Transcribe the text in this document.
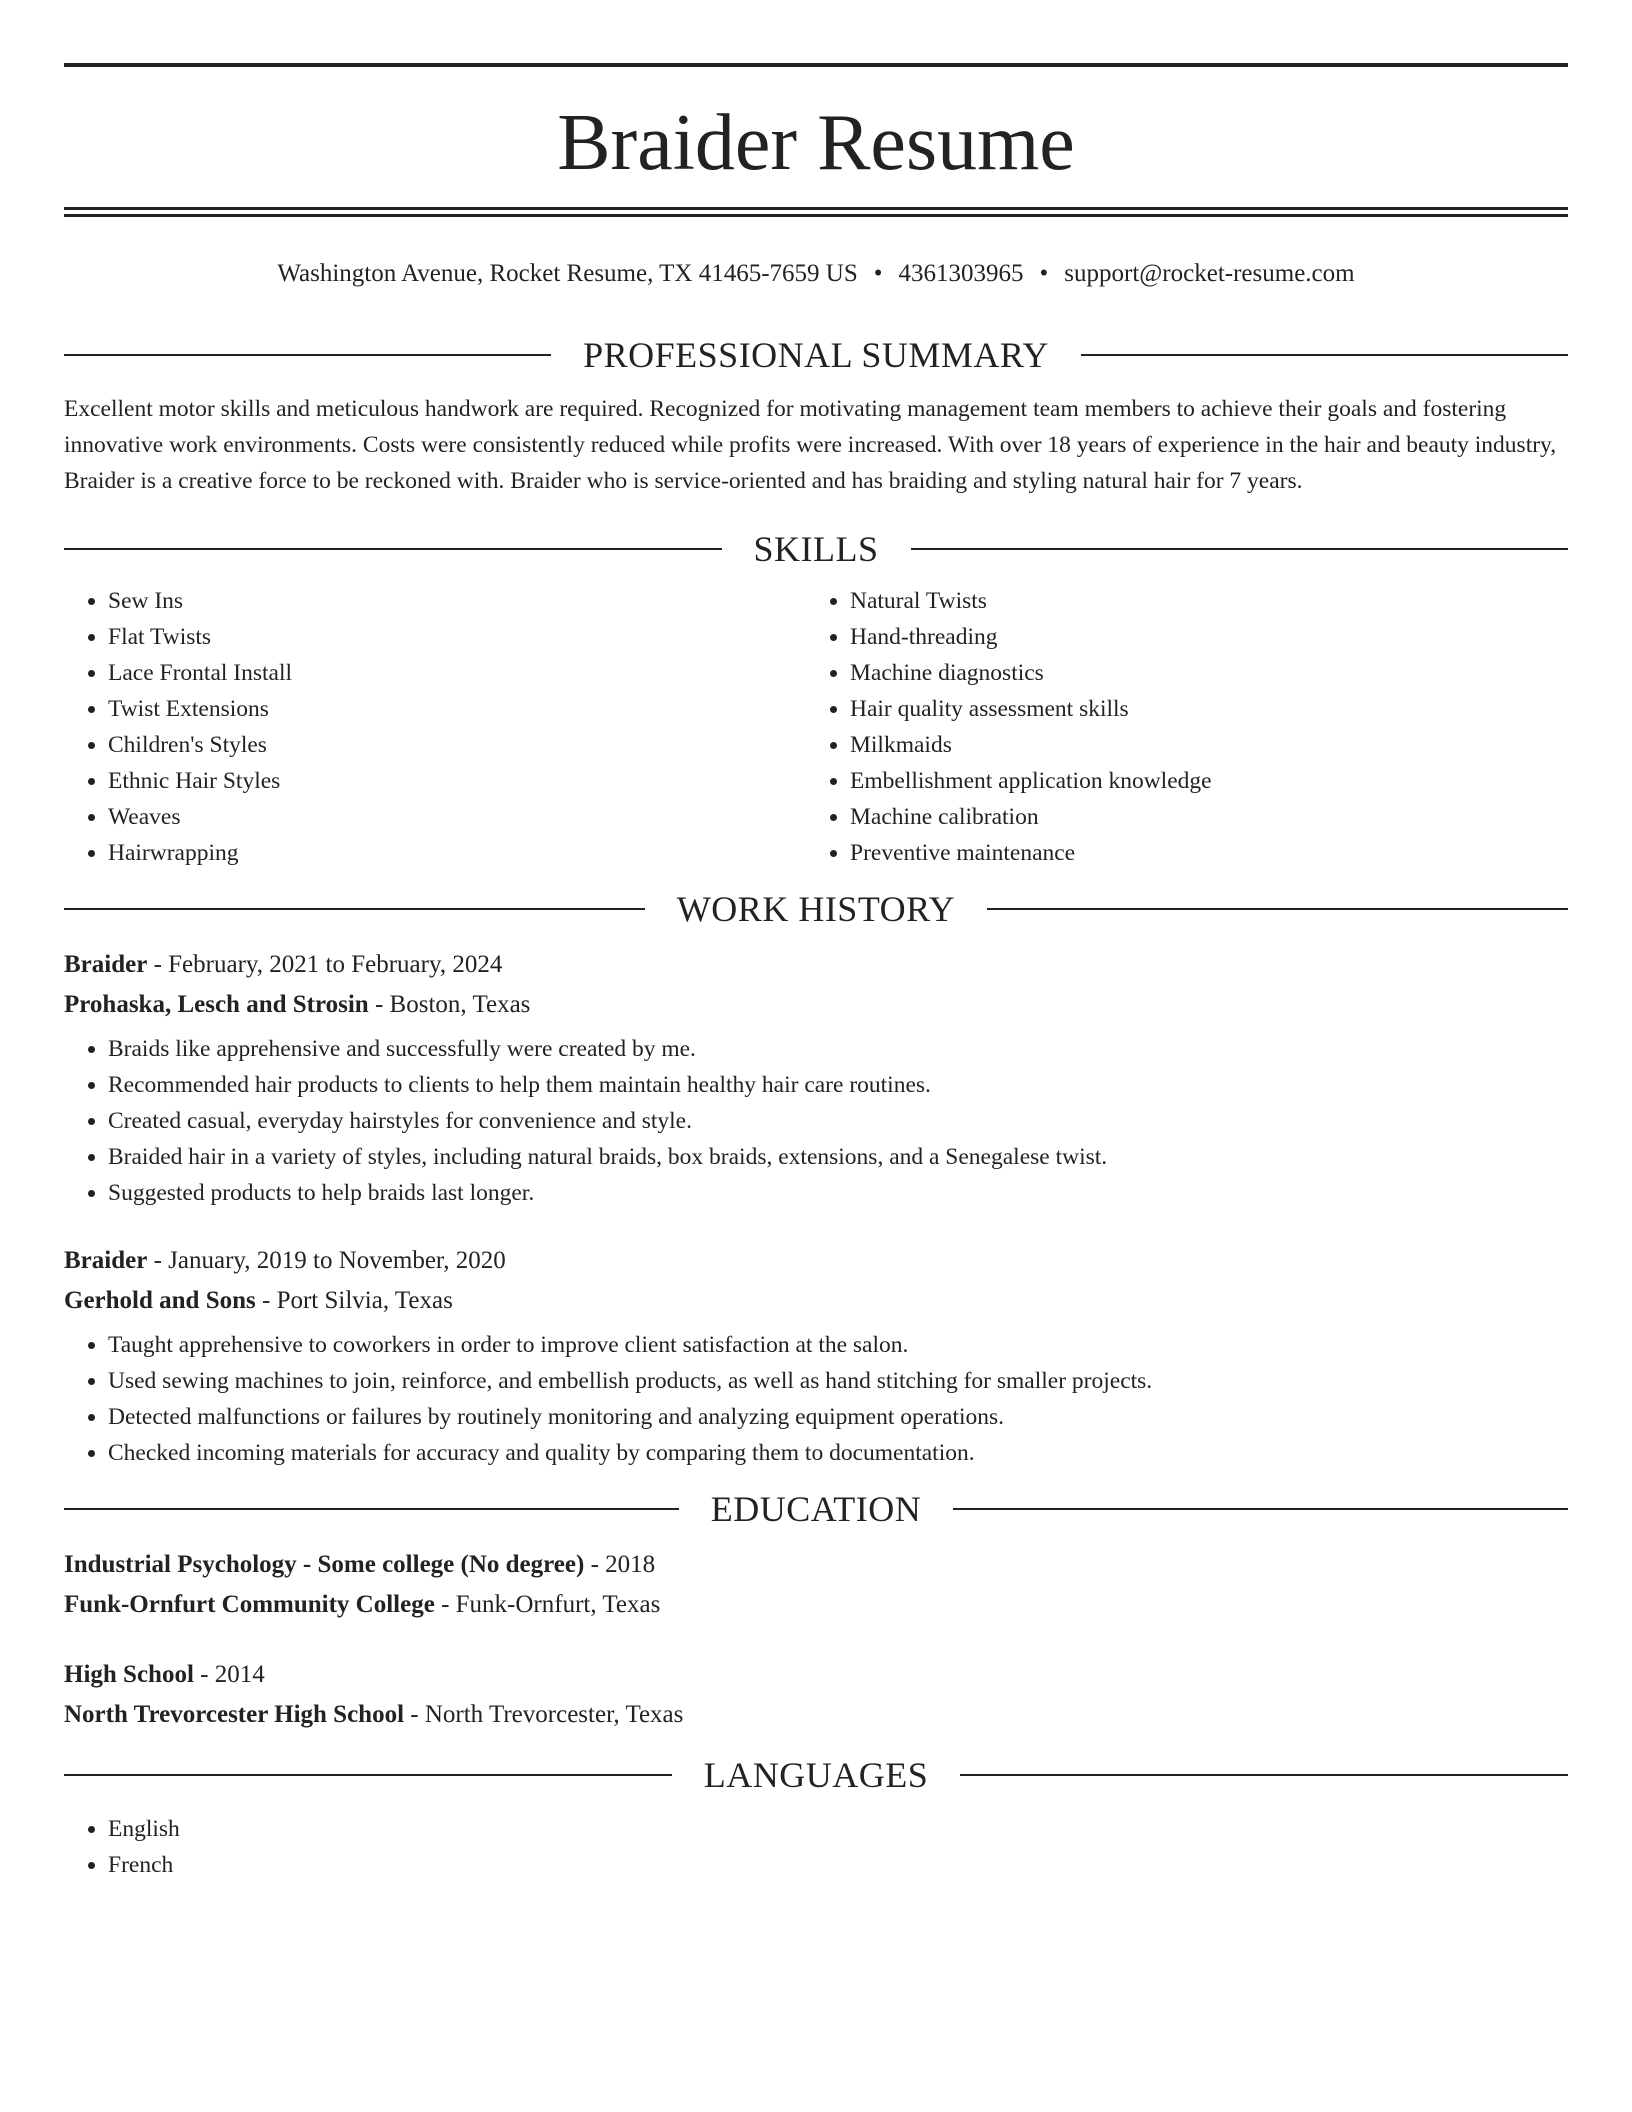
Braider Resume
Washington Avenue, Rocket Resume, TX 41465-7659 US • 4361303965 • support@rocket-resume.com
PROFESSIONAL SUMMARY
Excellent motor skills and meticulous handwork are required. Recognized for motivating management team members to achieve their goals and fostering innovative work environments. Costs were consistently reduced while profits were increased. With over 18 years of experience in the hair and beauty industry, Braider is a creative force to be reckoned with. Braider who is service-oriented and has braiding and styling natural hair for 7 years.
SKILLS
• Sew Ins
• Flat Twists
• Lace Frontal Install
• Twist Extensions
• Children's Styles
• Ethnic Hair Styles
• Weaves
• Hairwrapping
• Natural Twists
• Hand-threading
• Machine diagnostics
• Hair quality assessment skills
• Milkmaids
• Embellishment application knowledge
• Machine calibration
• Preventive maintenance
WORK HISTORY
Braider - February, 2021 to February, 2024
Prohaska, Lesch and Strosin - Boston, Texas
• Braids like apprehensive and successfully were created by me.
• Recommended hair products to clients to help them maintain healthy hair care routines.
• Created casual, everyday hairstyles for convenience and style.
• Braided hair in a variety of styles, including natural braids, box braids, extensions, and a Senegalese twist.
• Suggested products to help braids last longer.
Braider - January, 2019 to November, 2020
Gerhold and Sons - Port Silvia, Texas
• Taught apprehensive to coworkers in order to improve client satisfaction at the salon.
• Used sewing machines to join, reinforce, and embellish products, as well as hand stitching for smaller projects.
• Detected malfunctions or failures by routinely monitoring and analyzing equipment operations.
• Checked incoming materials for accuracy and quality by comparing them to documentation.
EDUCATION
Industrial Psychology - Some college (No degree) - 2018
Funk-Ornfurt Community College - Funk-Ornfurt, Texas
High School - 2014
North Trevorcester High School - North Trevorcester, Texas
LANGUAGES
• English
• French
